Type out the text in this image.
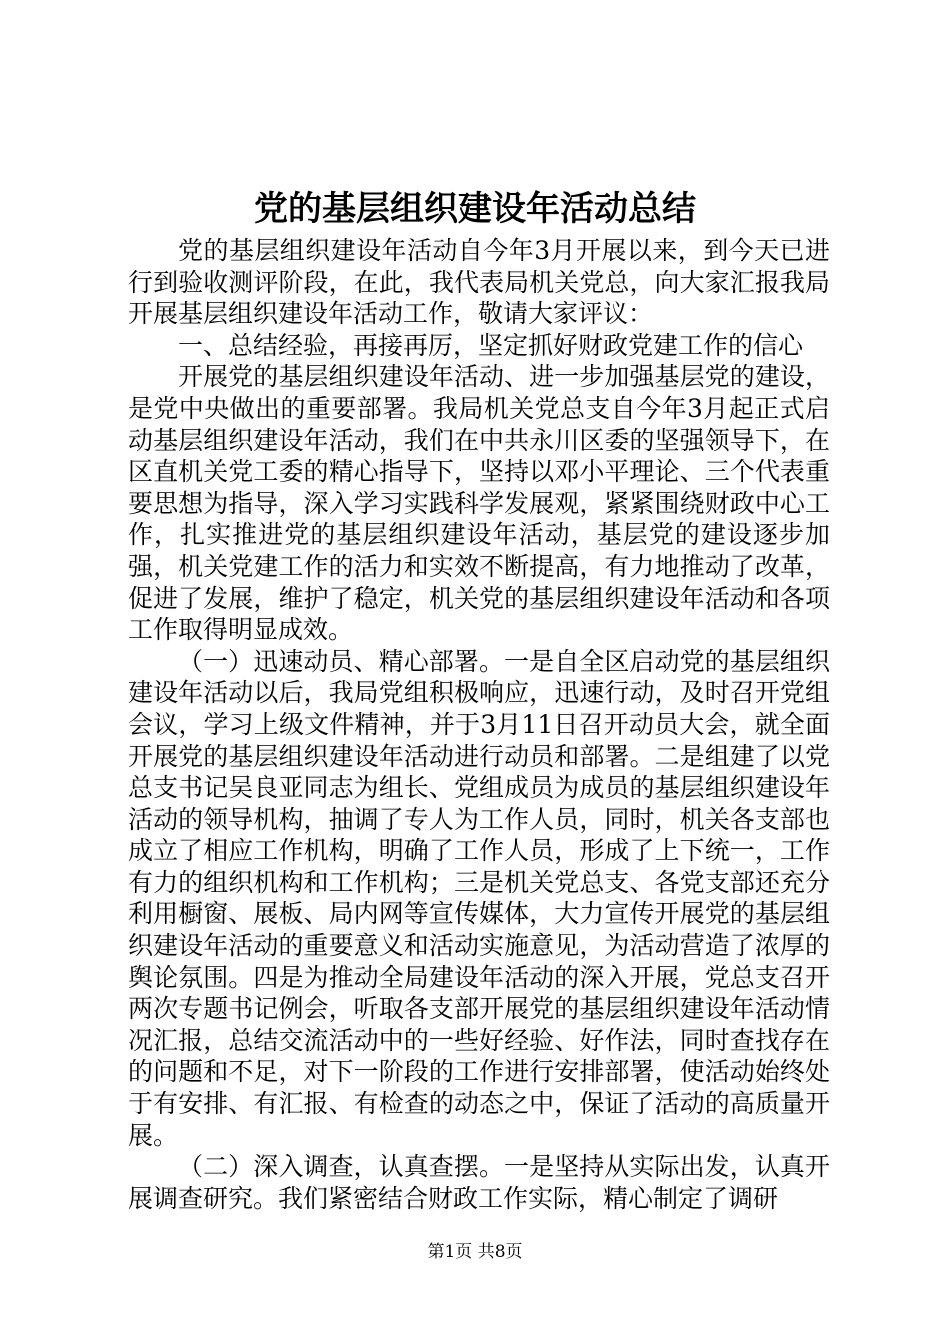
党的基层组织建设年活动总结

党的基层组织建设年活动自今年3月开展以来，到今天已进行到验收测评阶段，在此，我代表局机关党总，向大家汇报我局开展基层组织建设年活动工作，敬请大家评议：

一、总结经验，再接再厉，坚定抓好财政党建工作的信心

开展党的基层组织建设年活动、进一步加强基层党的建设，是党中央做出的重要部署。我局机关党总支自今年3月起正式启动基层组织建设年活动，我们在中共永川区委的坚强领导下，在区直机关党工委的精心指导下，坚持以邓小平理论、三个代表重要思想为指导，深入学习实践科学发展观，紧紧围绕财政中心工作，扎实推进党的基层组织建设年活动，基层党的建设逐步加强，机关党建工作的活力和实效不断提高，有力地推动了改革，促进了发展，维护了稳定，机关党的基层组织建设年活动和各项工作取得明显成效。

（一）迅速动员、精心部署。一是自全区启动党的基层组织建设年活动以后，我局党组积极响应，迅速行动，及时召开党组会议，学习上级文件精神，并于3月11日召开动员大会，就全面开展党的基层组织建设年活动进行动员和部署。二是组建了以党总支书记吴良亚同志为组长、党组成员为成员的基层组织建设年活动的领导机构，抽调了专人为工作人员，同时，机关各支部也成立了相应工作机构，明确了工作人员，形成了上下统一，工作有力的组织机构和工作机构；三是机关党总支、各党支部还充分利用橱窗、展板、局内网等宣传媒体，大力宣传开展党的基层组织建设年活动的重要意义和活动实施意见，为活动营造了浓厚的舆论氛围。四是为推动全局建设年活动的深入开展，党总支召开两次专题书记例会，听取各支部开展党的基层组织建设年活动情况汇报，总结交流活动中的一些好经验、好作法，同时查找存在的问题和不足，对下一阶段的工作进行安排部署，使活动始终处于有安排、有汇报、有检查的动态之中，保证了活动的高质量开展。

（二）深入调查，认真查摆。一是坚持从实际出发，认真开展调查研究。我们紧密结合财政工作实际，精心制定了调研

第1页 共8页
